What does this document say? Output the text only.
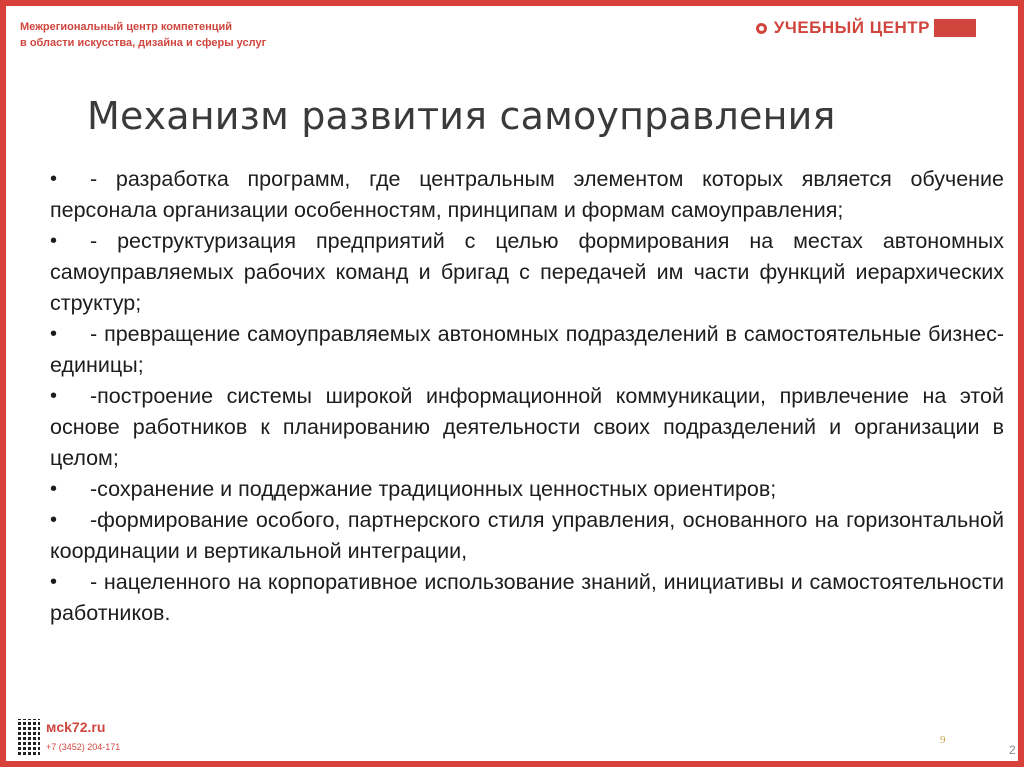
Межрегиональный центр компетенций
в области искусства, дизайна и сферы услуг
УЧЕБНЫЙ ЦЕНТР
Механизм развития самоуправления
•	- разработка программ, где центральным элементом которых является обучение персонала организации особенностям, принципам и формам самоуправления;
•	- реструктуризация предприятий с целью формирования на местах автономных самоуправляемых рабочих команд и бригад с передачей им части функций иерархических структур;
•	- превращение самоуправляемых автономных подразделений в самостоятельные бизнес-единицы;
•	-построение системы широкой информационной коммуникации, привлечение на этой основе работников к планированию деятельности своих подразделений и организации в целом;
•	-сохранение и поддержание традиционных ценностных ориентиров;
•	-формирование особого, партнерского стиля управления, основанного на горизонтальной координации и вертикальной интеграции,
•	- нацеленного на корпоративное использование знаний, инициативы и самостоятельности работников.
мck72.ru
+7 (3452) 204-171
9
2
